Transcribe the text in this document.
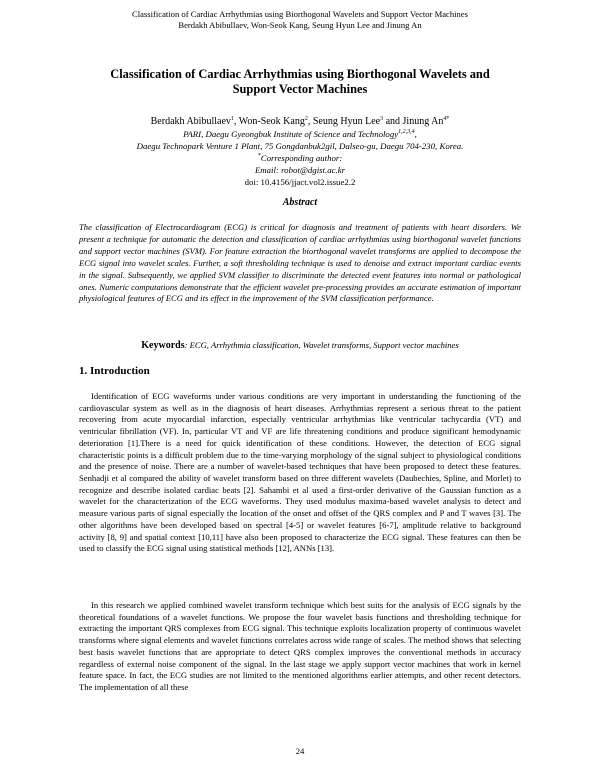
Classification of Cardiac Arrhythmias using Biorthogonal Wavelets and Support Vector Machines
Berdakh Abibullaev, Won-Seok Kang, Seung Hyun Lee and Jinung An
Classification of Cardiac Arrhythmias using Biorthogonal Wavelets and
Support Vector Machines
Berdakh Abibullaev$^1$, Won-Seok Kang$^2$, Seung Hyun Lee$^3$ and Jinung $An^{4*}$
PARI, Daegu Gyeongbuk Institute of Science and Technology$^{1,2,3,4}$,
Daegu Technopark Venture 1 Plant, 75 Gongdanbuk2gil, Dalseo-gu, Daegu 704-230, Korea.
*Corresponding author:
Email: robot@dgist.ac.kr
doi: 10.4156/jjact.vol2.issue2.2
Abstract

The classification of Electrocardiogram (ECG) is critical for diagnosis and treatment of patients with heart disorders. We present a technique for automatic the detection and classification of cardiac arrhythmias using biorthogonal wavelet functions and support vector machines (SVM). For feature extraction the biorthogonal wavelet transforms are applied to decompose the ECG signal into wavelet scales. Further, a soft thresholding technique is used to denoise and extract important cardiac events in the signal. Subsequently, we applied SVM classifier to discriminate the detected event features into normal or pathological ones. Numeric computations demonstrate that the efficient wavelet pre-processing provides an accurate estimation of important physiological features of ECG and its effect in the improvement of the SVM classification performance.

Keywords: ECG, Arrhythmia classification, Wavelet transforms, Support vector machines
1. Introduction

Identification of ECG waveforms under various conditions are very important in understanding the functioning of the cardiovascular system as well as in the diagnosis of heart diseases. Arrhythmias represent a serious threat to the patient recovering from acute myocardial infarction, especially ventricular arrhythmias like ventricular tachycardia (VT) and ventricular fibrillation (VF). In, particular VT and VF are life threatening conditions and produce significant hemodynamic deterioration [1].There is a need for quick identification of these conditions. However, the detection of ECG signal characteristic points is a difficult problem due to the time-varying morphology of the signal subject to physiological conditions and the presence of noise. There are a number of wavelet-based techniques that have been proposed to detect these features. Senhadji et al compared the ability of wavelet transform based on three different wavelets (Daubechies, Spline, and Morlet) to recognize and describe isolated cardiac beats [2]. Sahambi et al used a first-order derivative of the Gaussian function as a wavelet for the characterization of the ECG waveforms. They used modulus maxima-based wavelet analysis to detect and measure various parts of signal especially the location of the onset and offset of the QRS complex and P and T waves [3]. The other algorithms have been developed based on spectral [4-5] or wavelet features [6-7], amplitude relative to background activity [8, 9] and spatial context [10,11] have also been proposed to characterize the ECG signal. These features can then be used to classify the ECG signal using statistical methods [12], ANNs [13].

In this research we applied combined wavelet transform technique which best suits for the analysis of ECG signals by the theoretical foundations of a wavelet functions. We propose the four wavelet basis functions and thresholding technique for extracting the important QRS complexes from ECG signal. This technique exploits localization property of continuous wavelet transforms where signal elements and wavelet functions correlates across wide range of scales. The method shows that selecting best basis wavelet functions that are appropriate to detect QRS complex improves the conventional methods in accuracy regardless of external noise component of the signal. In the last stage we apply support vector machines that work in kernel feature space. In fact, the ECG studies are not limited to the mentioned algorithms earlier attempts, and other recent detectors. The implementation of all these

24
